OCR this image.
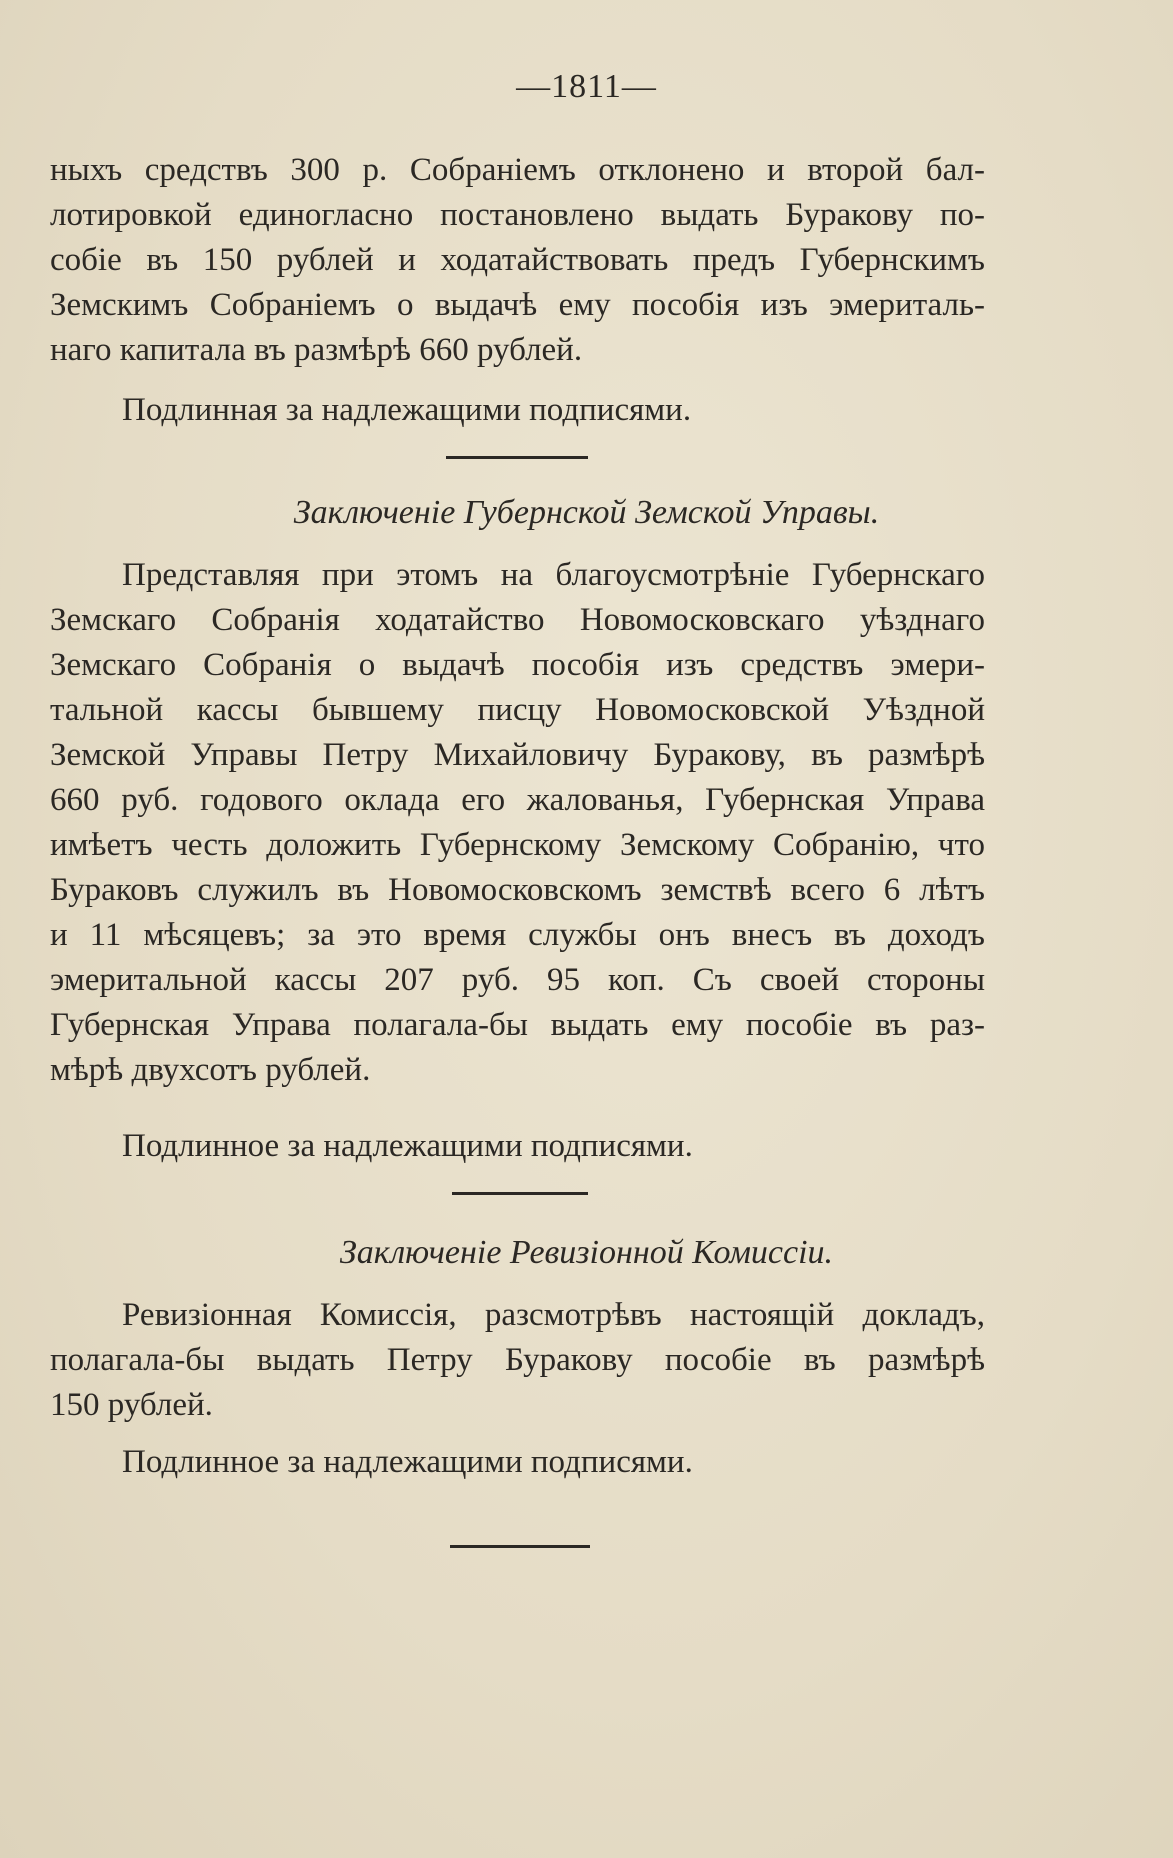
—1811—
ныхъ средствъ 300 р. Собраніемъ отклонено и второй бал-
лотировкой единогласно постановлено выдать Буракову по-
собіе въ 150 рублей и ходатайствовать предъ Губернскимъ
Земскимъ Собраніемъ о выдачѣ ему пособія изъ эмериталь-
наго капитала въ размѣрѣ 660 рублей.
Подлинная за надлежащими подписями.
Заключеніе Губернской Земской Управы.
Представляя при этомъ на благоусмотрѣніе Губернскаго
Земскаго Собранія ходатайство Новомосковскаго уѣзднаго
Земскаго Собранія о выдачѣ пособія изъ средствъ эмери-
тальной кассы бывшему писцу Новомосковской Уѣздной
Земской Управы Петру Михайловичу Буракову, въ размѣрѣ
660 руб. годового оклада его жалованья, Губернская Управа
имѣетъ честь доложить Губернскому Земскому Собранію, что
Бураковъ служилъ въ Новомосковскомъ земствѣ всего 6 лѣтъ
и 11 мѣсяцевъ; за это время службы онъ внесъ въ доходъ
эмеритальной кассы 207 руб. 95 коп. Съ своей стороны
Губернская Управа полагала-бы выдать ему пособіе въ раз-
мѣрѣ двухсотъ рублей.
Подлинное за надлежащими подписями.
Заключеніе Ревизіонной Комиссіи.
Ревизіонная Комиссія, разсмотрѣвъ настоящій докладъ,
полагала-бы выдать Петру Буракову пособіе въ размѣрѣ
150 рублей.
Подлинное за надлежащими подписями.
